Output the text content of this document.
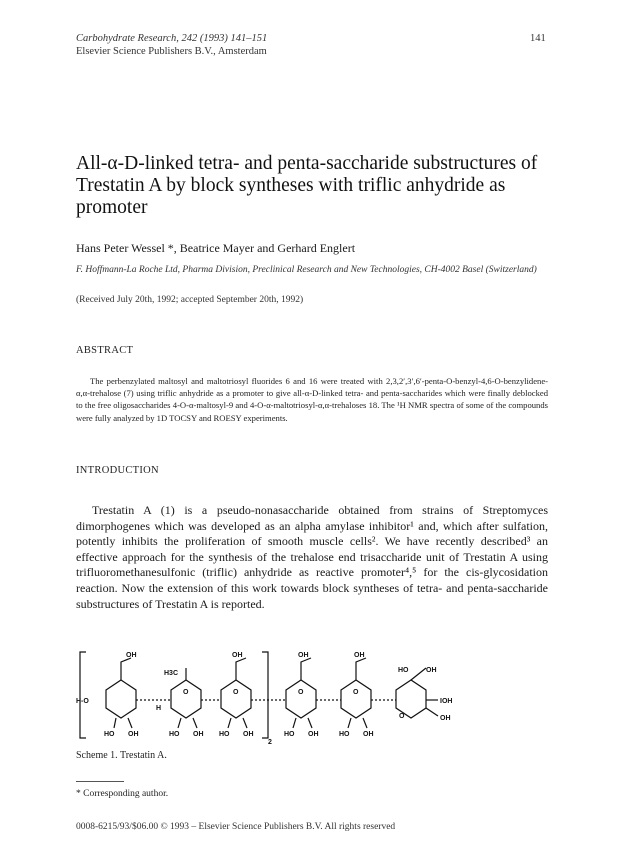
Carbohydrate Research, 242 (1993) 141–151
Elsevier Science Publishers B.V., Amsterdam
141
All-α-D-linked tetra- and penta-saccharide substructures of Trestatin A by block syntheses with triflic anhydride as promoter
Hans Peter Wessel *, Beatrice Mayer and Gerhard Englert
F. Hoffmann-La Roche Ltd, Pharma Division, Preclinical Research and New Technologies, CH-4002 Basel (Switzerland)
(Received July 20th, 1992; accepted September 20th, 1992)
ABSTRACT
The perbenzylated maltosyl and maltotriosyl fluorides 6 and 16 were treated with 2,3,2′,3′,6′-penta-O-benzyl-4,6-O-benzylidene-α,α-trehalose (7) using triflic anhydride as a promoter to give all-α-D-linked tetra- and penta-saccharides which were finally deblocked to the free oligosaccharides 4-O-α-maltosyl-9 and 4-O-α-maltotriosyl-α,α-trehaloses 18. The ¹H NMR spectra of some of the compounds were fully analyzed by 1D TOCSY and ROESY experiments.
INTRODUCTION
Trestatin A (1) is a pseudo-nonasaccharide obtained from strains of Streptomyces dimorphogenes which was developed as an alpha amylase inhibitor¹ and, which after sulfation, potently inhibits the proliferation of smooth muscle cells². We have recently described³ an effective approach for the synthesis of the trehalose end trisaccharide unit of Trestatin A using trifluoromethanesulfonic (triflic) anhydride as reactive promoter⁴,⁵ for the cis-glycosidation reaction. Now the extension of this work towards block syntheses of tetra- and penta-saccharide substructures of Trestatin A is reported.
OH
H3C
O
OH
O
OH
O
OH
O
HO	OH
H-O
H
IOH
OH
O
HO OH	HO OH HO OH	HO OH	HO OH
2
Scheme 1. Trestatin A.
* Corresponding author.
0008-6215/93/$06.00 © 1993 – Elsevier Science Publishers B.V. All rights reserved
